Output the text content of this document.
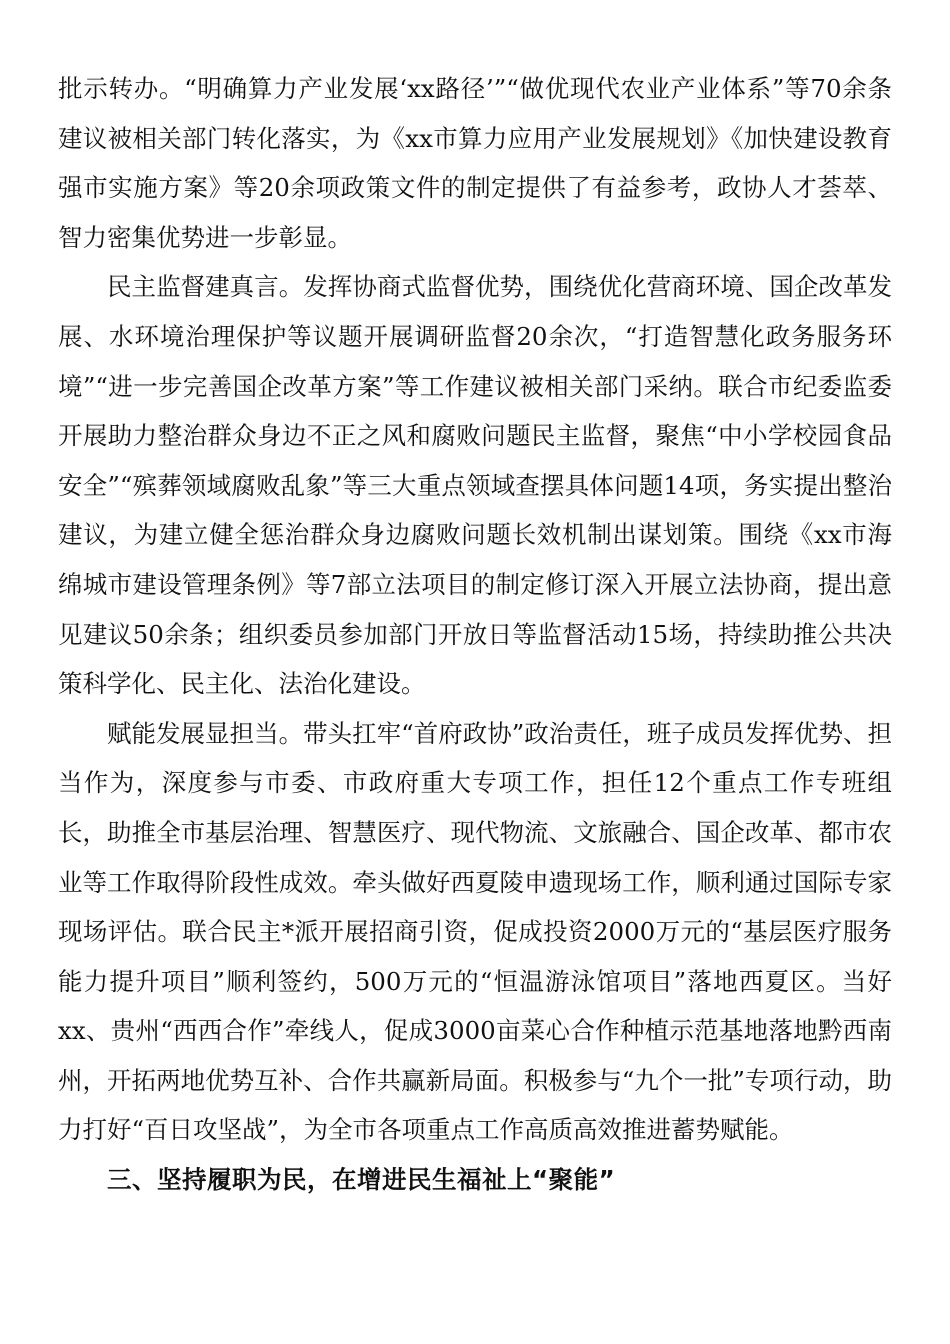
批示转办。“明确算力产业发展‘xx路径’”“做优现代农业产业体系”等70余条建议被相关部门转化落实，为《xx市算力应用产业发展规划》《加快建设教育强市实施方案》等20余项政策文件的制定提供了有益参考，政协人才荟萃、智力密集优势进一步彰显。

民主监督建真言。发挥协商式监督优势，围绕优化营商环境、国企改革发展、水环境治理保护等议题开展调研监督20余次，“打造智慧化政务服务环境”“进一步完善国企改革方案”等工作建议被相关部门采纳。联合市纪委监委开展助力整治群众身边不正之风和腐败问题民主监督，聚焦“中小学校园食品安全”“殡葬领域腐败乱象”等三大重点领域查摆具体问题14项，务实提出整治建议，为建立健全惩治群众身边腐败问题长效机制出谋划策。围绕《xx市海绵城市建设管理条例》等7部立法项目的制定修订深入开展立法协商，提出意见建议50余条；组织委员参加部门开放日等监督活动15场，持续助推公共决策科学化、民主化、法治化建设。

赋能发展显担当。带头扛牢“首府政协”政治责任，班子成员发挥优势、担当作为，深度参与市委、市政府重大专项工作，担任12个重点工作专班组长，助推全市基层治理、智慧医疗、现代物流、文旅融合、国企改革、都市农业等工作取得阶段性成效。牵头做好西夏陵申遗现场工作，顺利通过国际专家现场评估。联合民主*派开展招商引资，促成投资2000万元的“基层医疗服务能力提升项目”顺利签约，500万元的“恒温游泳馆项目”落地西夏区。当好xx、贵州“西西合作”牵线人，促成3000亩菜心合作种植示范基地落地黔西南州，开拓两地优势互补、合作共赢新局面。积极参与“九个一批”专项行动，助力打好“百日攻坚战”，为全市各项重点工作高质高效推进蓄势赋能。

三、坚持履职为民，在增进民生福祉上“聚能”
